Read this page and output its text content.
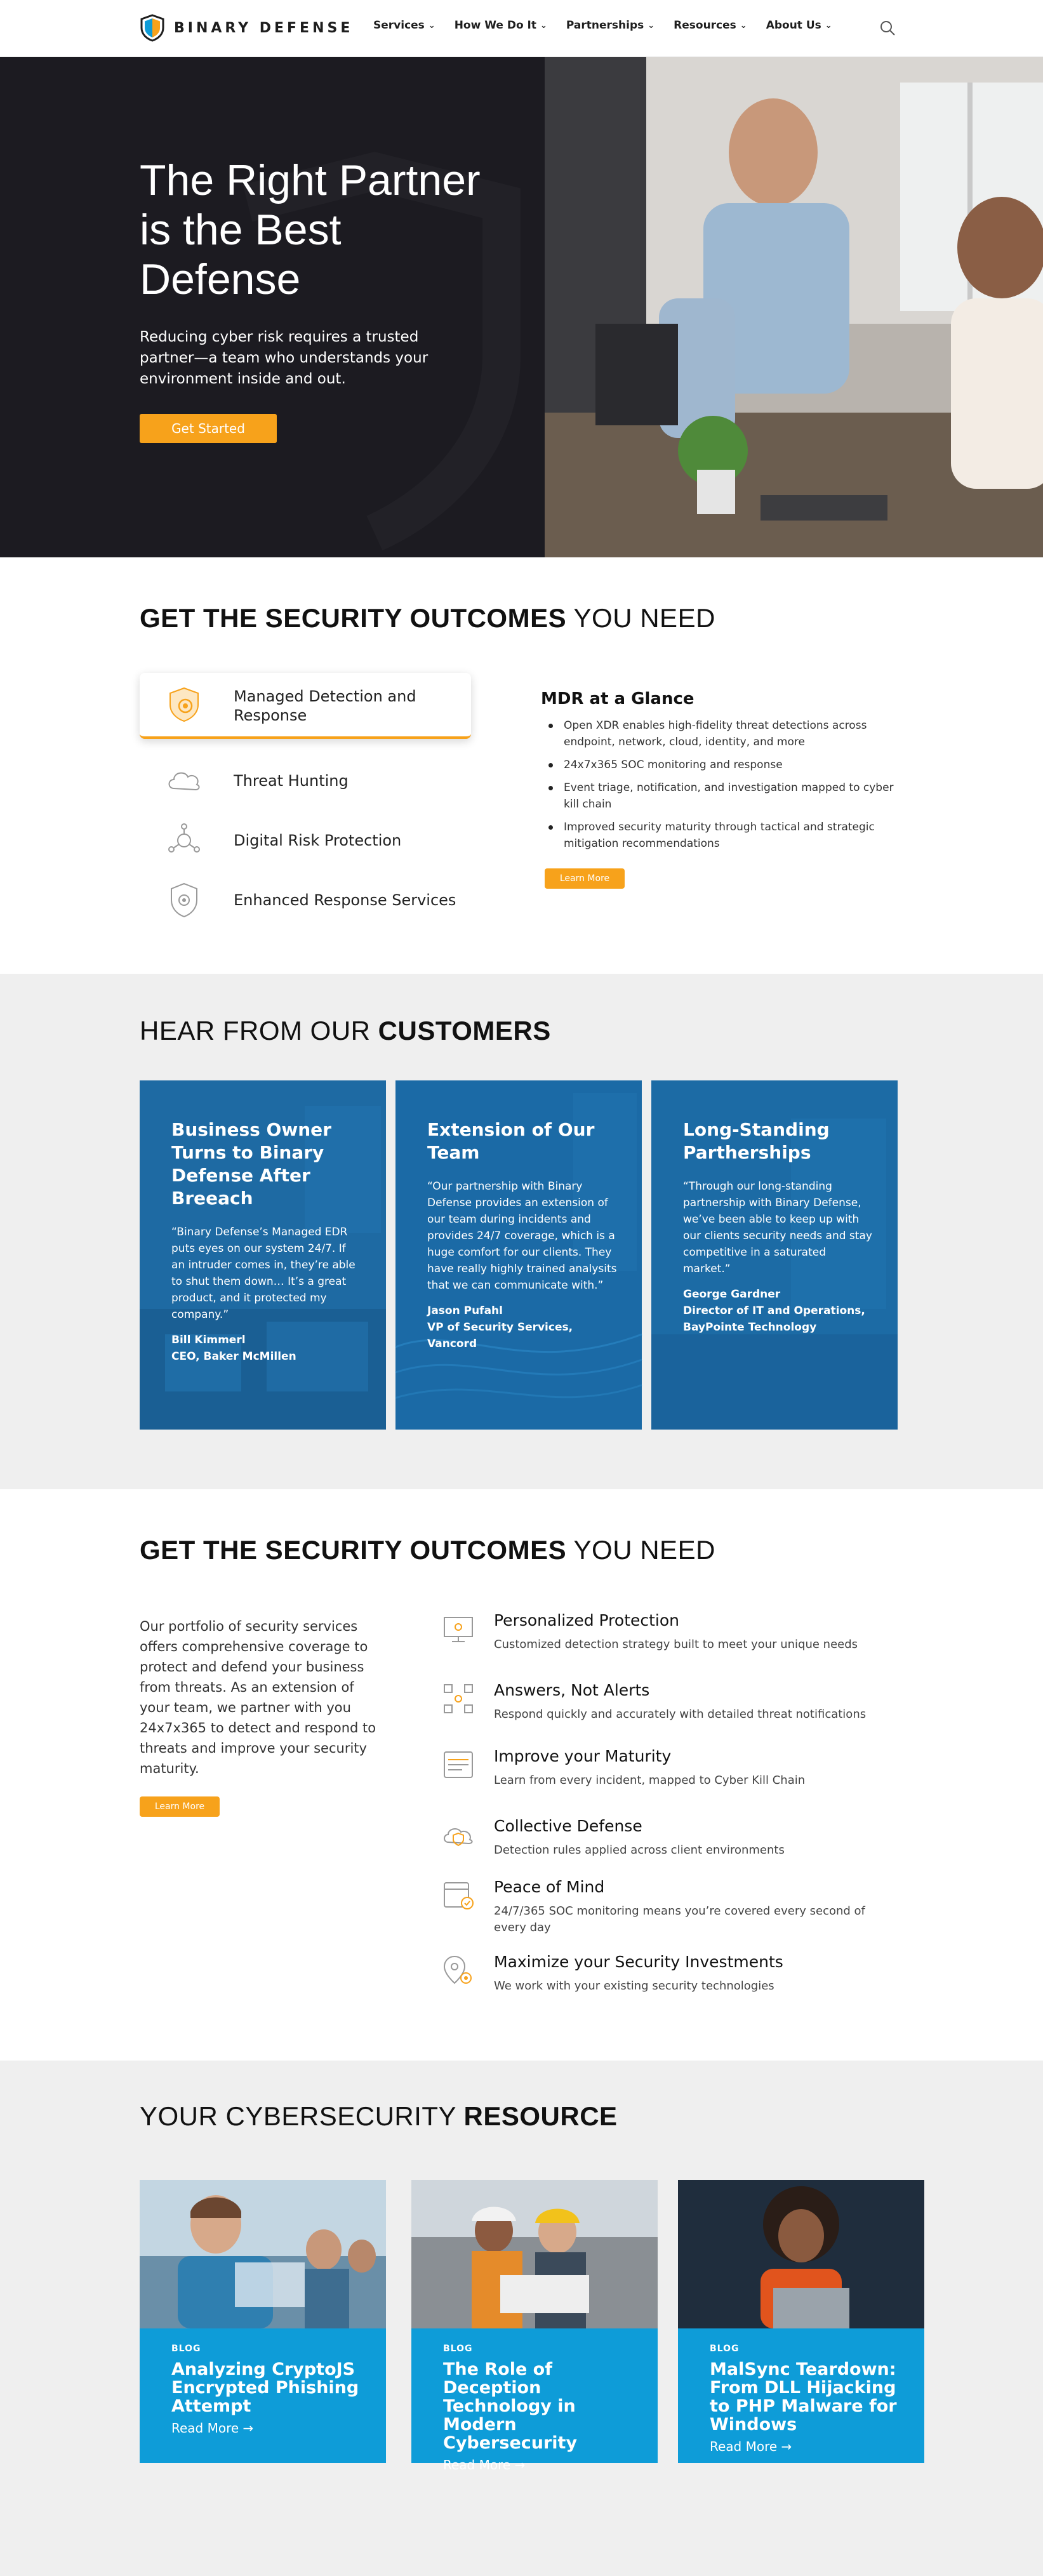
BINARY DEFENSE Services ⌄ How We Do It ⌄ Partnerships ⌄ Resources ⌄ About Us ⌄
The Right Partner is the Best Defense

Reducing cyber risk requires a trusted partner—a team who understands your environment inside and out.

Get Started
GET THE SECURITY OUTCOMES YOU NEED
Managed Detection and Response
Threat Hunting
Digital Risk Protection
Enhanced Response Services
MDR at a Glance
Open XDR enables high-fidelity threat detections across endpoint, network, cloud, identity, and more
24x7x365 SOC monitoring and response
Event triage, notification, and investigation mapped to cyber kill chain
Improved security maturity through tactical and strategic mitigation recommendations
Learn More
HEAR FROM OUR CUSTOMERS
Business Owner Turns to Binary Defense After Breeach
“Binary Defense’s Managed EDR puts eyes on our system 24/7. If an intruder comes in, they’re able to shut them down… It’s a great product, and it protected my company.”
Bill Kimmerl
CEO, Baker McMillen
Extension of Our Team
“Our partnership with Binary Defense provides an extension of our team during incidents and provides 24/7 coverage, which is a huge comfort for our clients. They have really highly trained analysits that we can communicate with.”
Jason Pufahl
VP of Security Services, Vancord
Long-Standing Partherships
“Through our long-standing partnership with Binary Defense, we’ve been able to keep up with our clients security needs and stay competitive in a saturated market.”
George Gardner
Director of IT and Operations, BayPointe Technology
GET THE SECURITY OUTCOMES YOU NEED

Our portfolio of security services offers comprehensive coverage to protect and defend your business from threats. As an extension of your team, we partner with you 24x7x365 to detect and respond to threats and improve your security maturity.

Learn More
Personalized Protection
Customized detection strategy built to meet your unique needs
Answers, Not Alerts
Respond quickly and accurately with detailed threat notifications
Improve your Maturity
Learn from every incident, mapped to Cyber Kill Chain
Collective Defense
Detection rules applied across client environments
Peace of Mind
24/7/365 SOC monitoring means you’re covered every second of every day
Maximize your Security Investments
We work with your existing security technologies
YOUR CYBERSECURITY RESOURCE
BLOG
Analyzing CryptoJS Encrypted Phishing Attempt
Read More →
BLOG
The Role of Deception Technology in Modern Cybersecurity
Read More →
BLOG
MalSync Teardown: From DLL Hijacking to PHP Malware for Windows
Read More →
